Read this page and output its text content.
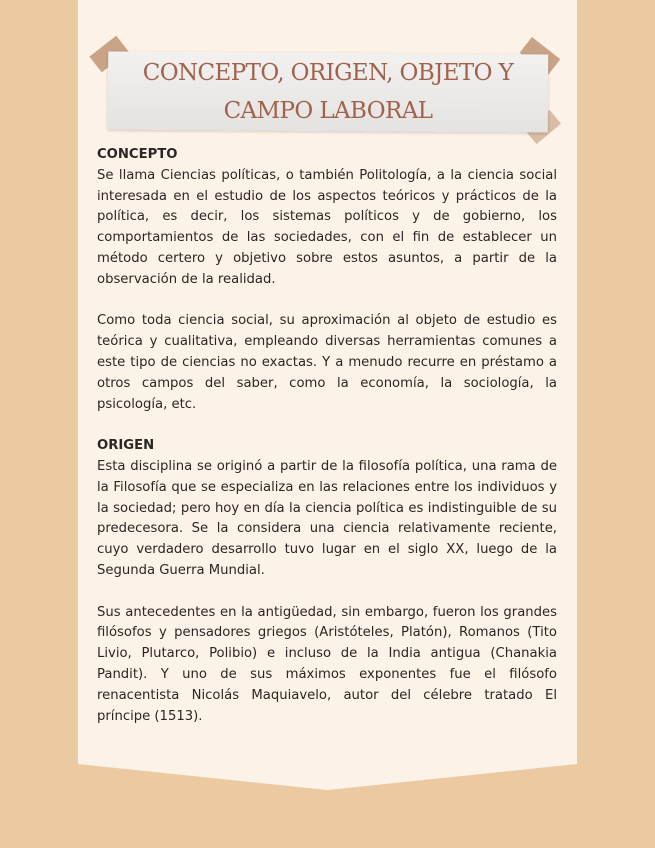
CONCEPTO, ORIGEN, OBJETO Y CAMPO LABORAL

CONCEPTO

Se llama Ciencias políticas, o también Politología, a la ciencia social interesada en el estudio de los aspectos teóricos y prácticos de la política, es decir, los sistemas políticos y de gobierno, los comportamientos de las sociedades, con el fin de establecer un método certero y objetivo sobre estos asuntos, a partir de la observación de la realidad.

Como toda ciencia social, su aproximación al objeto de estudio es teórica y cualitativa, empleando diversas herramientas comunes a este tipo de ciencias no exactas. Y a menudo recurre en préstamo a otros campos del saber, como la economía, la sociología, la psicología, etc.

ORIGEN

Esta disciplina se originó a partir de la filosofía política, una rama de la Filosofía que se especializa en las relaciones entre los individuos y la sociedad; pero hoy en día la ciencia política es indistinguible de su predecesora. Se la considera una ciencia relativamente reciente, cuyo verdadero desarrollo tuvo lugar en el siglo XX, luego de la Segunda Guerra Mundial.

Sus antecedentes en la antigüedad, sin embargo, fueron los grandes filósofos y pensadores griegos (Aristóteles, Platón), Romanos (Tito Livio, Plutarco, Polibio) e incluso de la India antigua (Chanakia Pandit). Y uno de sus máximos exponentes fue el filósofo renacentista Nicolás Maquiavelo, autor del célebre tratado El príncipe (1513).
